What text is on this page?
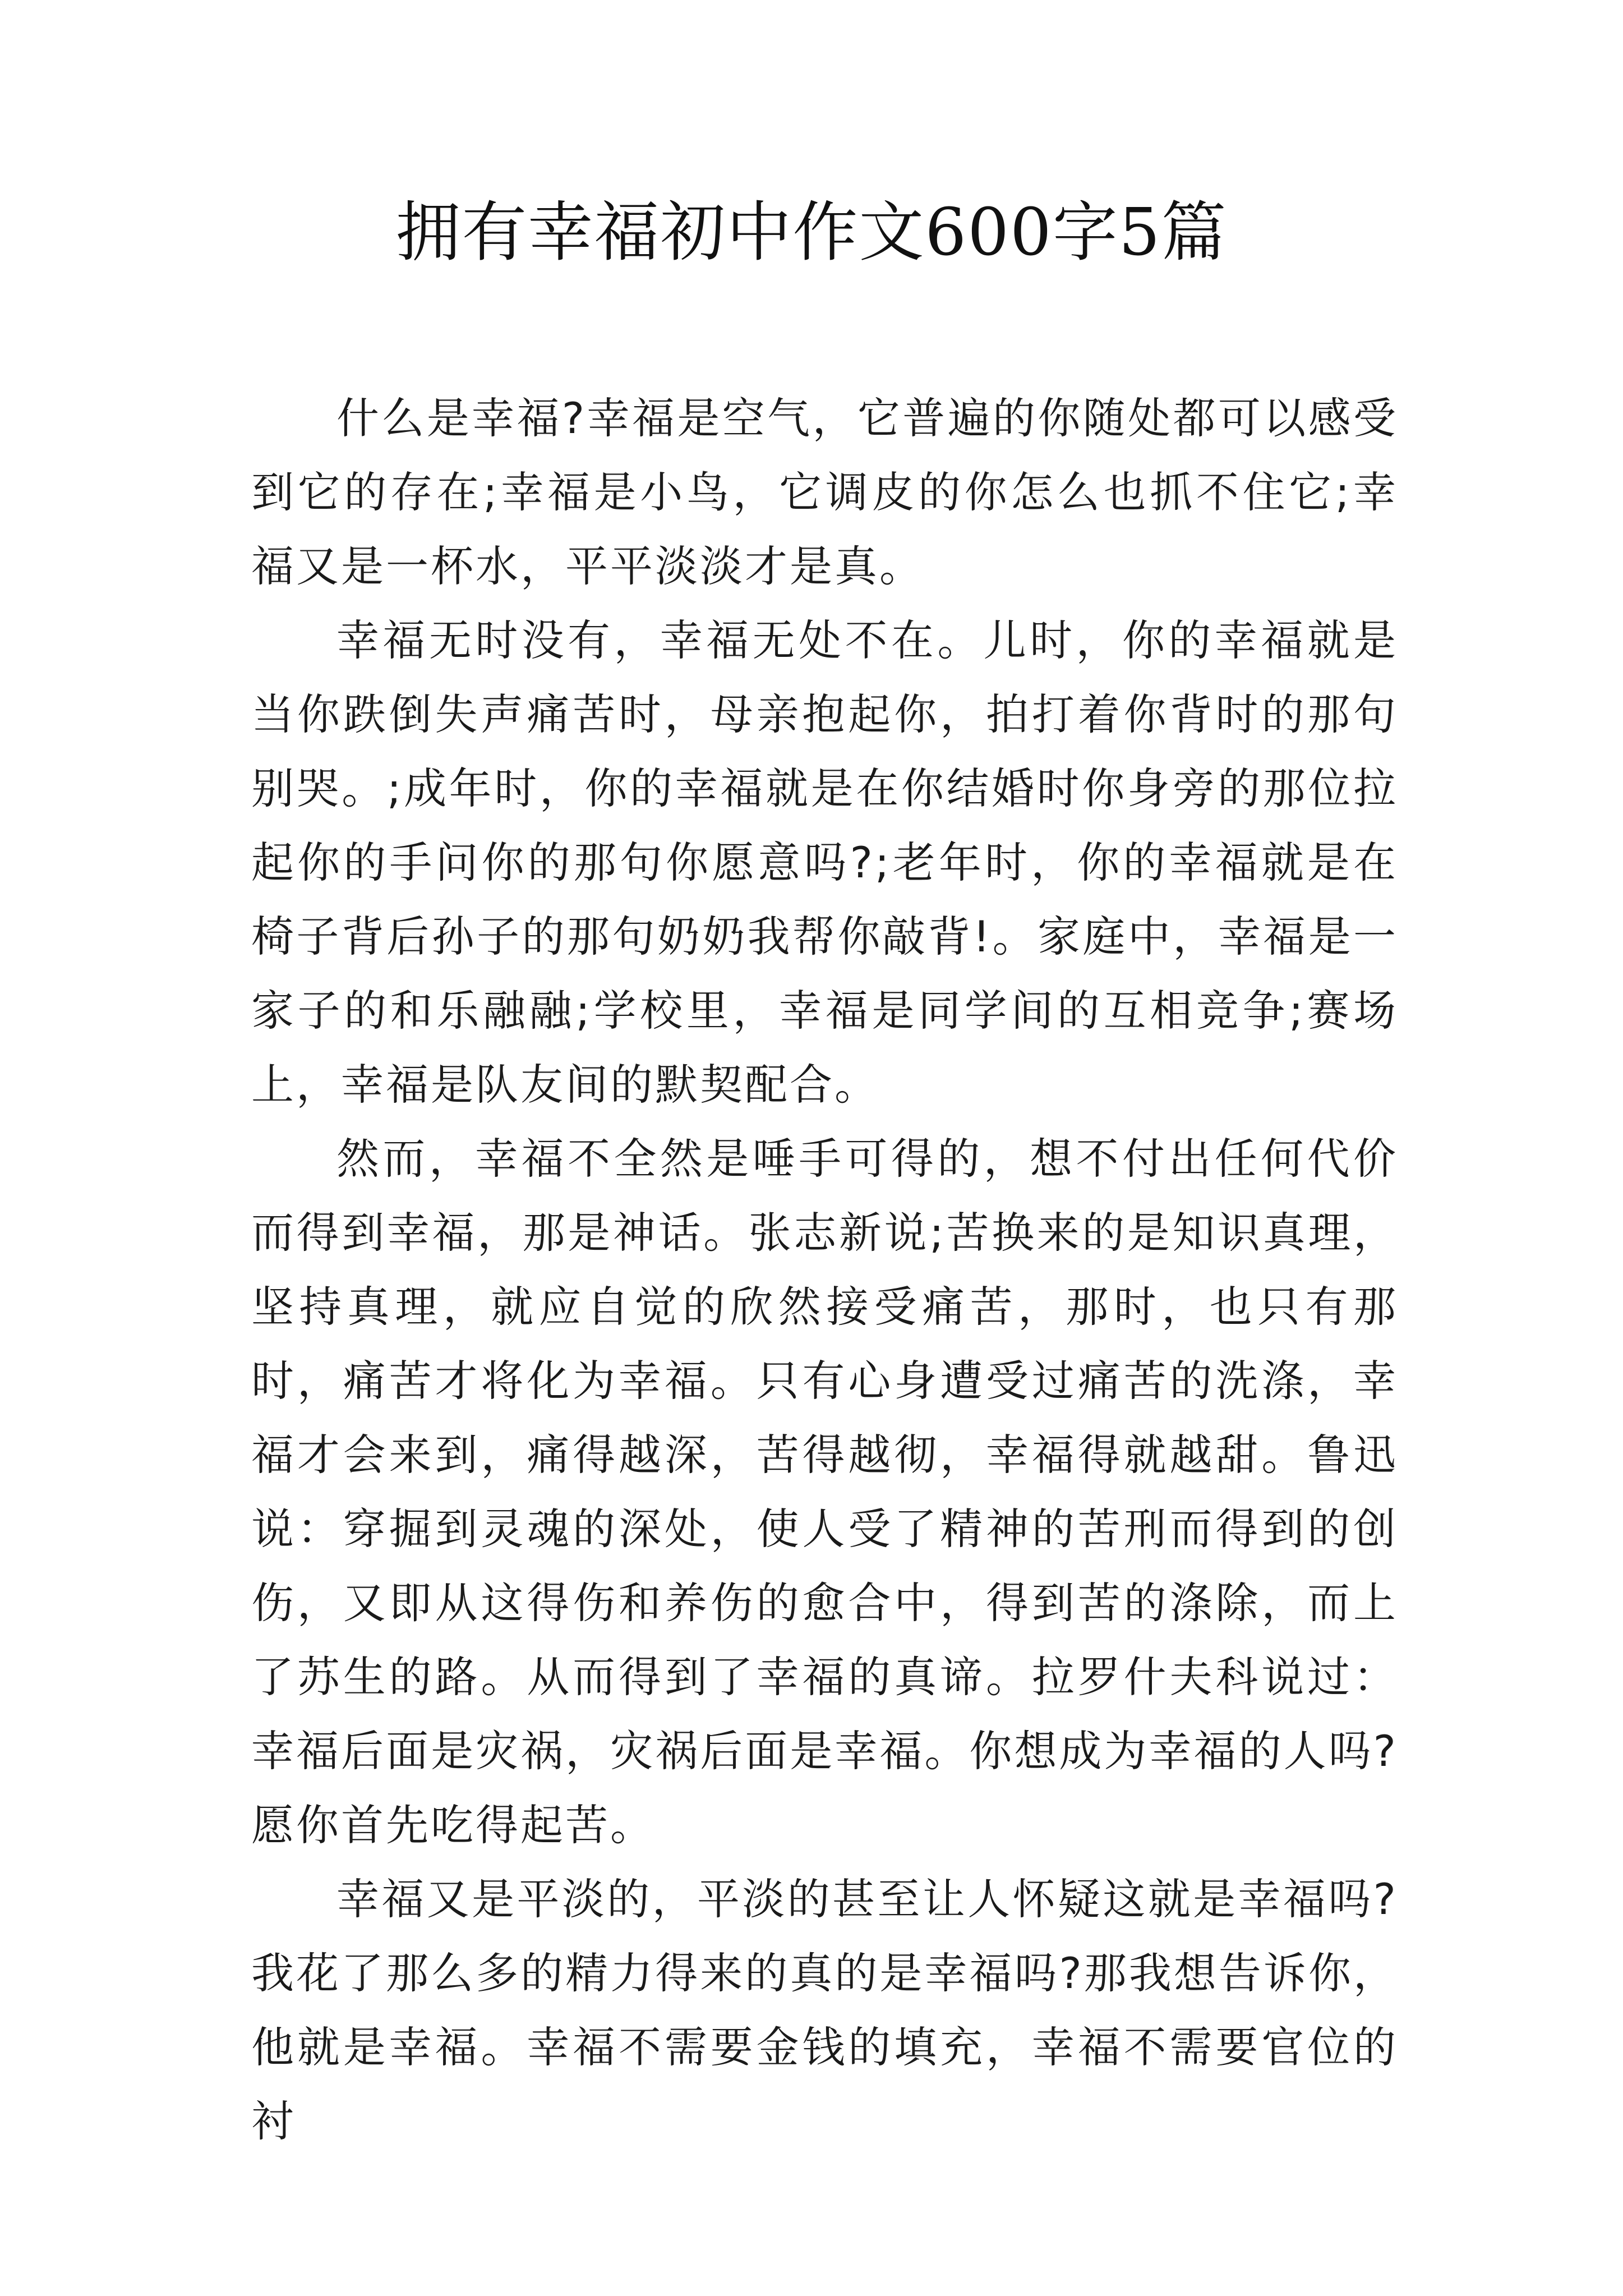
拥有幸福初中作文600字5篇

什么是幸福?幸福是空气，它普遍的你随处都可以感受到它的存在;幸福是小鸟，它调皮的你怎么也抓不住它;幸福又是一杯水，平平淡淡才是真。

幸福无时没有，幸福无处不在。儿时，你的幸福就是当你跌倒失声痛苦时，母亲抱起你，拍打着你背时的那句别哭。;成年时，你的幸福就是在你结婚时你身旁的那位拉起你的手问你的那句你愿意吗?;老年时，你的幸福就是在椅子背后孙子的那句奶奶我帮你敲背!。家庭中，幸福是一家子的和乐融融;学校里，幸福是同学间的互相竞争;赛场上，幸福是队友间的默契配合。

然而，幸福不全然是唾手可得的，想不付出任何代价而得到幸福，那是神话。张志新说;苦换来的是知识真理，坚持真理，就应自觉的欣然接受痛苦，那时，也只有那时，痛苦才将化为幸福。只有心身遭受过痛苦的洗涤，幸福才会来到，痛得越深，苦得越彻，幸福得就越甜。鲁迅说：穿掘到灵魂的深处，使人受了精神的苦刑而得到的创伤，又即从这得伤和养伤的愈合中，得到苦的涤除，而上了苏生的路。从而得到了幸福的真谛。拉罗什夫科说过：幸福后面是灾祸，灾祸后面是幸福。你想成为幸福的人吗?愿你首先吃得起苦。

幸福又是平淡的，平淡的甚至让人怀疑这就是幸福吗?我花了那么多的精力得来的真的是幸福吗?那我想告诉你，他就是幸福。幸福不需要金钱的填充，幸福不需要官位的衬
